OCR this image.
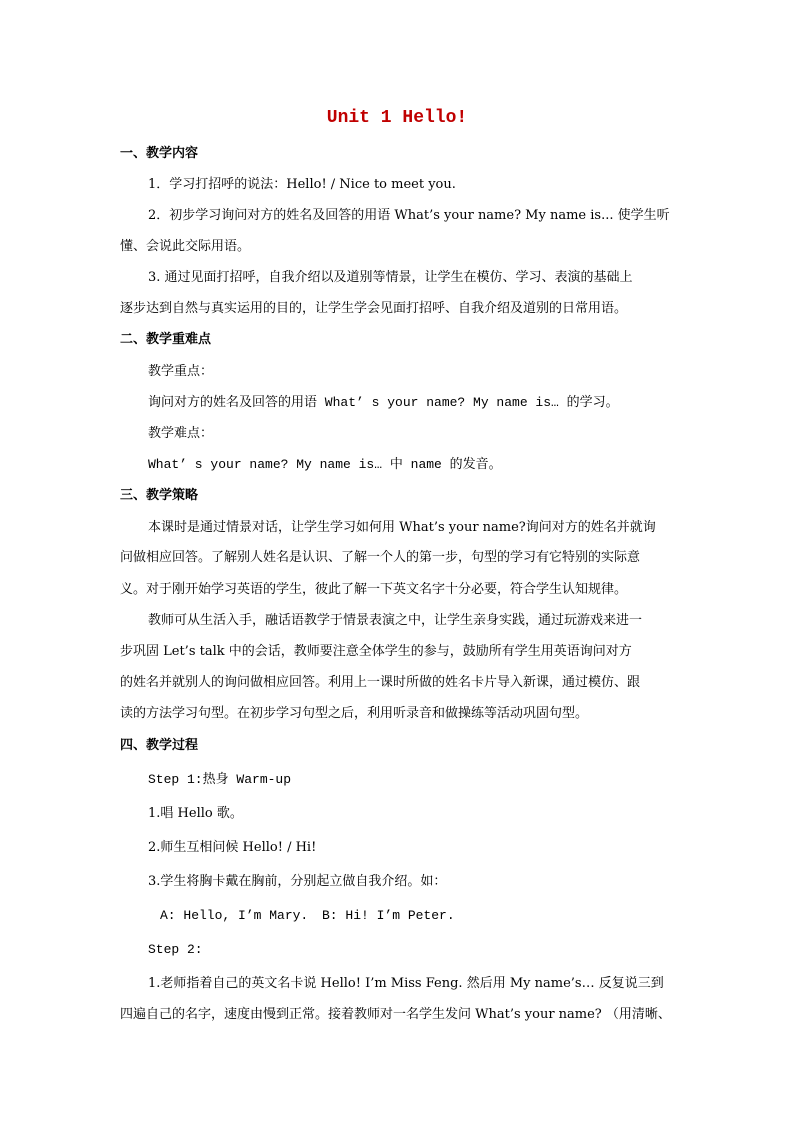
Unit 1 Hello!
一、教学内容
1．学习打招呼的说法：Hello! / Nice to meet you.
2．初步学习询问对方的姓名及回答的用语 What’s your name? My name is... 使学生听
懂、会说此交际用语。
3. 通过见面打招呼，自我介绍以及道别等情景，让学生在模仿、学习、表演的基础上
逐步达到自然与真实运用的目的，让学生学会见面打招呼、自我介绍及道别的日常用语。
二、教学重难点
教学重点：
询问对方的姓名及回答的用语 What’ s your name? My name is… 的学习。
教学难点：
What’ s your name? My name is… 中 name 的发音。
三、教学策略
本课时是通过情景对话，让学生学习如何用 What’s your name?询问对方的姓名并就询
问做相应回答。了解别人姓名是认识、了解一个人的第一步，句型的学习有它特别的实际意
义。对于刚开始学习英语的学生，彼此了解一下英文名字十分必要，符合学生认知规律。
教师可从生活入手，融话语教学于情景表演之中，让学生亲身实践，通过玩游戏来进一
步巩固 Let’s talk 中的会话，教师要注意全体学生的参与，鼓励所有学生用英语询问对方
的姓名并就别人的询问做相应回答。利用上一课时所做的姓名卡片导入新课，通过模仿、跟
读的方法学习句型。在初步学习句型之后，利用听录音和做操练等活动巩固句型。
四、教学过程
Step 1:热身 Warm-up
1.唱 Hello 歌。
2.师生互相问候 Hello! / Hi!
3.学生将胸卡戴在胸前，分别起立做自我介绍。如：
A: Hello, I’m Mary. B: Hi! I’m Peter.
Step 2:
1.老师指着自己的英文名卡说 Hello! I’m Miss Feng. 然后用 My name’s… 反复说三到
四遍自己的名字，速度由慢到正常。接着教师对一名学生发问 What’s your name? （用清晰、
